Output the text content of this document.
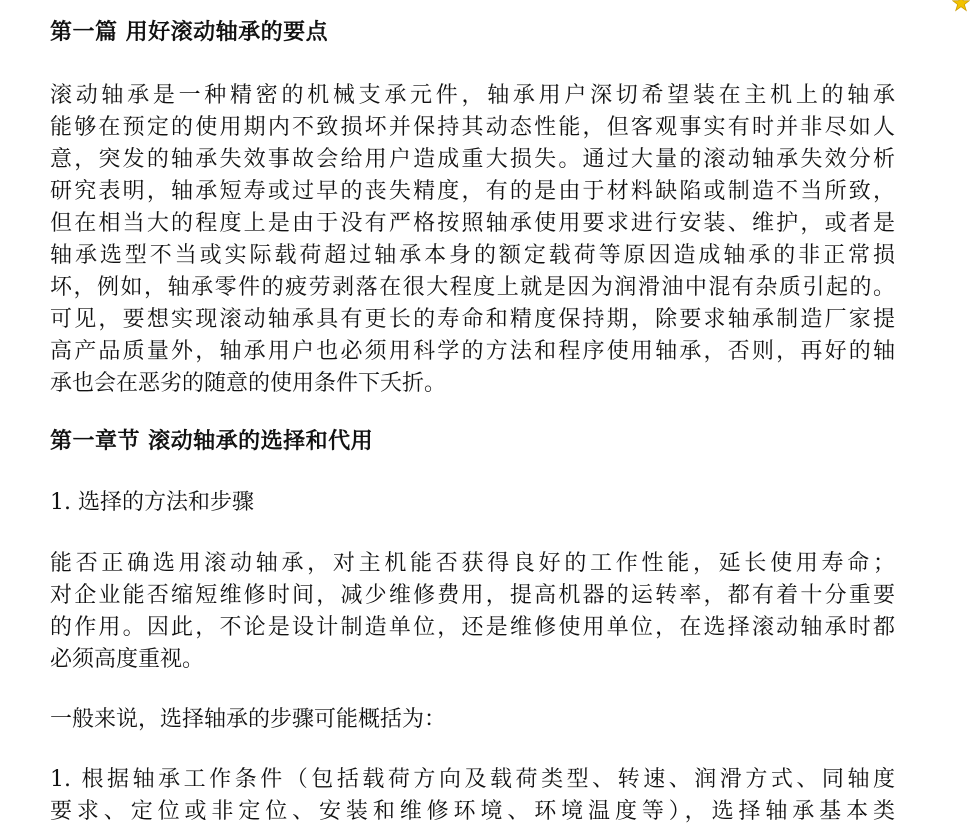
第一篇 用好滚动轴承的要点
滚动轴承是一种精密的机械支承元件，轴承用户深切希望装在主机上的轴承
能够在预定的使用期内不致损坏并保持其动态性能，但客观事实有时并非尽如人
意，突发的轴承失效事故会给用户造成重大损失。通过大量的滚动轴承失效分析
研究表明，轴承短寿或过早的丧失精度，有的是由于材料缺陷或制造不当所致，
但在相当大的程度上是由于没有严格按照轴承使用要求进行安装、维护，或者是
轴承选型不当或实际载荷超过轴承本身的额定载荷等原因造成轴承的非正常损
坏，例如，轴承零件的疲劳剥落在很大程度上就是因为润滑油中混有杂质引起的。
可见，要想实现滚动轴承具有更长的寿命和精度保持期，除要求轴承制造厂家提
高产品质量外，轴承用户也必须用科学的方法和程序使用轴承，否则，再好的轴
承也会在恶劣的随意的使用条件下夭折。
第一章节 滚动轴承的选择和代用
1. 选择的方法和步骤
能否正确选用滚动轴承，对主机能否获得良好的工作性能，延长使用寿命；
对企业能否缩短维修时间，减少维修费用，提高机器的运转率，都有着十分重要
的作用。因此，不论是设计制造单位，还是维修使用单位，在选择滚动轴承时都
必须高度重视。
一般来说，选择轴承的步骤可能概括为：
1. 根据轴承工作条件（包括载荷方向及载荷类型、转速、润滑方式、同轴度
要求、定位或非定位、安装和维修环境、环境温度等），选择轴承基本类
